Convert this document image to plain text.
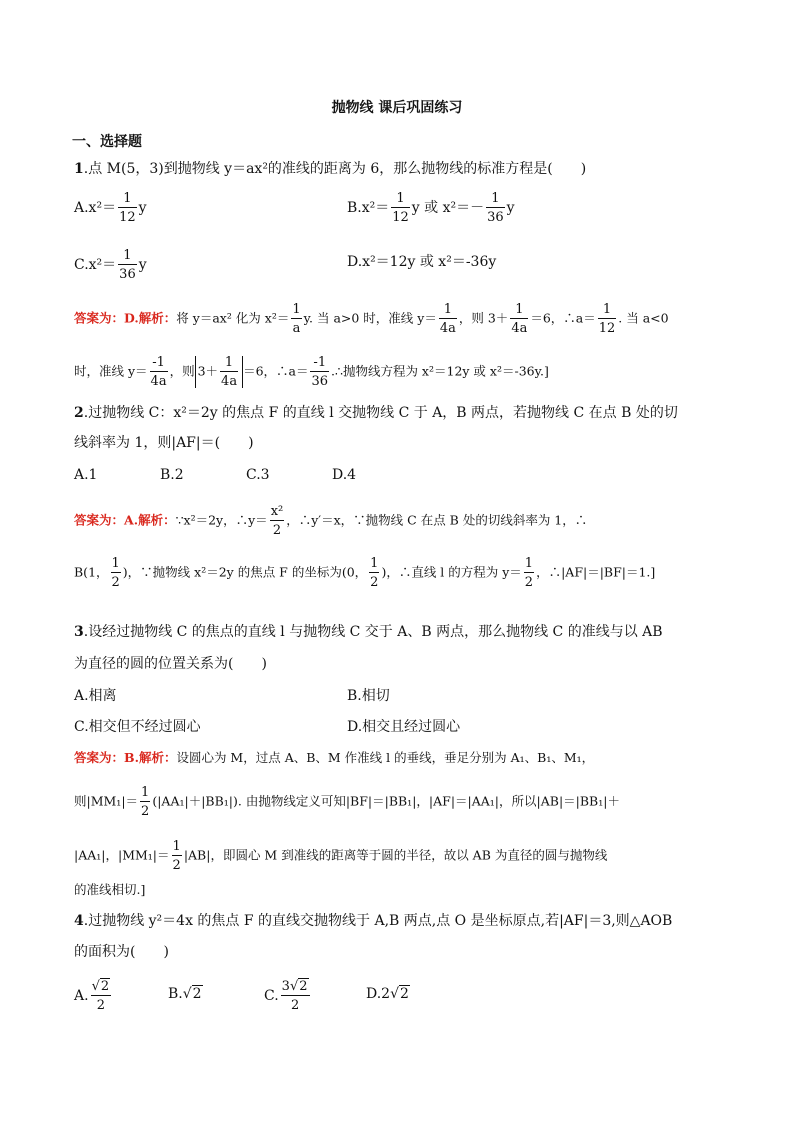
抛物线 课后巩固练习
一、选择题
1.点 M(5，3)到抛物线 y＝ax²的准线的距离为 6，那么抛物线的标准方程是(　　)
$A.x^2= \frac{1}{12}$ y	$B.x^2= \frac{1}{12}$ y 或 $x^2=- \frac{1}{36}$ y
$C.x^2= \frac{1}{36}$ y	D.x²＝12y 或 x²＝-36y
答案为：D.解析：将 y＝ax² 化为 $x^2= \frac{1}{a} y$. 当 a>0 时，准线 $y= \frac{1}{4a}$ ，则 $3+ \frac{1}{4a} =6$，∴a＝ $\frac{1}{12}$ . 当 a<0
时，准线 $y= \frac{-1}{4a}$ ，则 $3+ \frac{1}{4a} =6$，∴a＝ $\frac{-1}{36}$ .∴抛物线方程为 x²＝12y 或 x²＝-36y.]
2.过抛物线 C：x²＝2y 的焦点 F 的直线 l 交抛物线 C 于 A，B 两点，若抛物线 C 在点 B 处的切
线斜率为 1，则|AF|＝(　　)
A.1	B.2	C.3	D.4
答案为：A.解析：∵x²＝2y，∴y＝ $\frac{\text{x²}}{2}$ ，∴y′＝x，∵抛物线 C 在点 B 处的切线斜率为 1，∴
B(1， $\frac{1}{2}$ )，∵抛物线 x²＝2y 的焦点 F 的坐标为(0， $\frac{1}{2}$ )，∴直线 l 的方程为 $y= \frac{1}{2}$ ，∴|AF|＝|BF|＝1.]
3.设经过抛物线 C 的焦点的直线 l 与抛物线 C 交于 A、B 两点，那么抛物线 C 的准线与以 AB
为直径的圆的位置关系为(　　)
A.相离	B.相切
C.相交但不经过圆心	D.相交且经过圆心
答案为：B.解析：设圆心为 M，过点 A、B、M 作准线 l 的垂线，垂足分别为 A₁、B₁、M₁，
则$|MM_1|= \frac{1}{2} (|AA_1|+|BB_1|)$. 由抛物线定义可知|BF|＝|BB₁|，|AF|＝|AA₁|，所以|AB|＝|BB₁|＋
|AA₁|，$|MM_1|= \frac{1}{2} |AB|$，即圆心 M 到准线的距离等于圆的半径，故以 AB 为直径的圆与抛物线
的准线相切.]
4.过抛物线 y²＝4x 的焦点 F 的直线交抛物线于 A,B 两点,点 O 是坐标原点,若|AF|＝3,则△AOB
的面积为(　　)
A. $\frac{√2}{2}$	B.√2	C. $\frac{3√2}{2}$	D.2√2
